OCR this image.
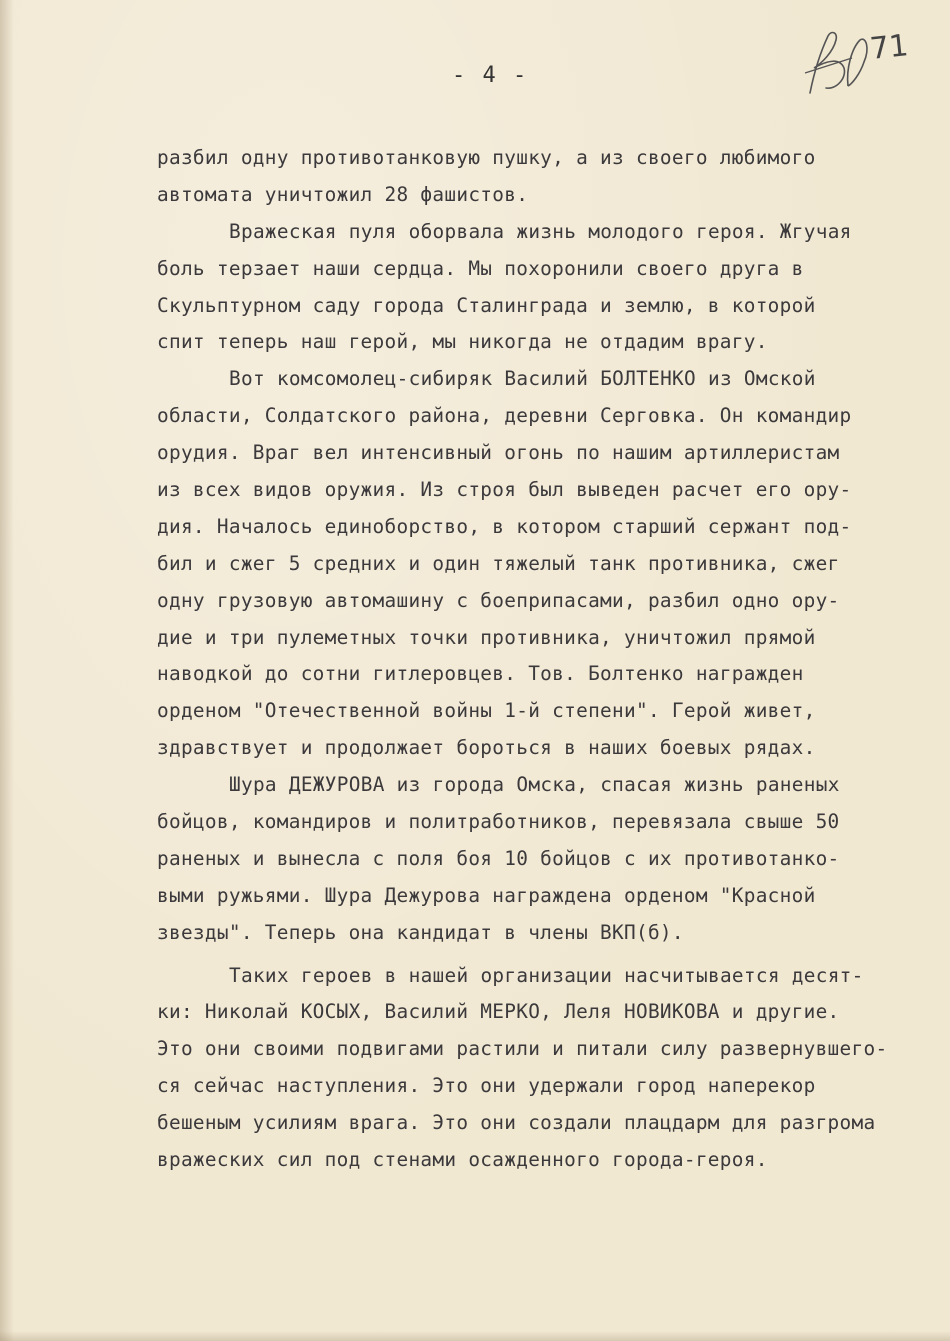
- 4 -
71
разбил одну противотанковую пушку, а из своего любимого
автомата уничтожил 28 фашистов.
Вражеская пуля оборвала жизнь молодого героя. Жгучая
боль терзает наши сердца. Мы похоронили своего друга в
Скульптурном саду города Сталинграда и землю, в которой
спит теперь наш герой, мы никогда не отдадим врагу.
Вот комсомолец-сибиряк Василий БОЛТЕНКО из Омской
области, Солдатского района, деревни Серговка. Он командир
орудия. Враг вел интенсивный огонь по нашим артиллеристам
из всех видов оружия. Из строя был выведен расчет его ору-
дия. Началось единоборство, в котором старший сержант под-
бил и сжег 5 средних и один тяжелый танк противника, сжег
одну грузовую автомашину с боеприпасами, разбил одно ору-
дие и три пулеметных точки противника, уничтожил прямой
наводкой до сотни гитлеровцев. Тов. Болтенко награжден
орденом "Отечественной войны 1-й степени". Герой живет,
здравствует и продолжает бороться в наших боевых рядах.
Шура ДЕЖУРОВА из города Омска, спасая жизнь раненых
бойцов, командиров и политработников, перевязала свыше 50
раненых и вынесла с поля боя 10 бойцов с их противотанко-
выми ружьями. Шура Дежурова награждена орденом "Красной
звезды". Теперь она кандидат в члены ВКП(б).
Таких героев в нашей организации насчитывается десят-
ки: Николай КОСЫХ, Василий МЕРКО, Леля НОВИКОВА и другие.
Это они своими подвигами растили и питали силу развернувшего-
ся сейчас наступления. Это они удержали город наперекор
бешеным усилиям врага. Это они создали плацдарм для разгрома
вражеских сил под стенами осажденного города-героя.
